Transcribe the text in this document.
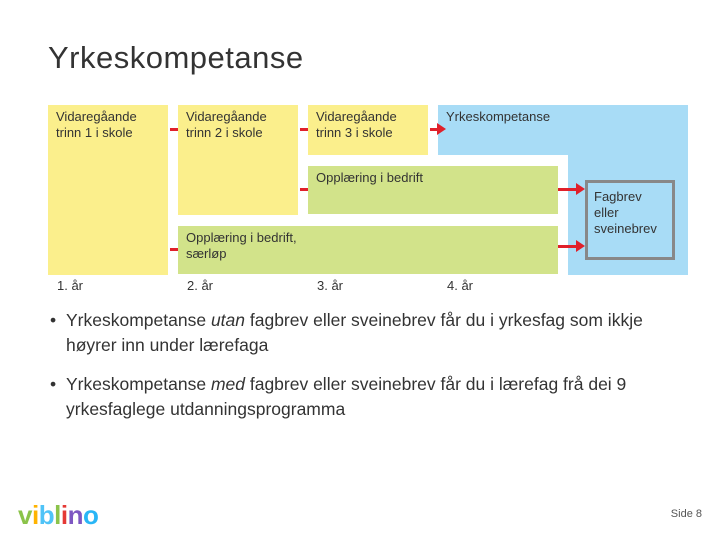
Yrkeskompetanse
Yrkeskompetanse
Fagbrev eller sveinebrev
Vidaregåande trinn 1 i skole
Vidaregåande trinn 2 i skole
Vidaregåande trinn 3 i skole
Opplæring i bedrift
Opplæring i bedrift, særløp
1. år	2. år	3. år	4. år
• Yrkeskompetanse utan fagbrev eller sveinebrev får du i yrkesfag som ikkje høyrer inn under lærefaga
• Yrkeskompetanse med fagbrev eller sveinebrev får du i lærefag frå dei 9 yrkesfaglege utdanningsprogramma
viblino	Side 8
